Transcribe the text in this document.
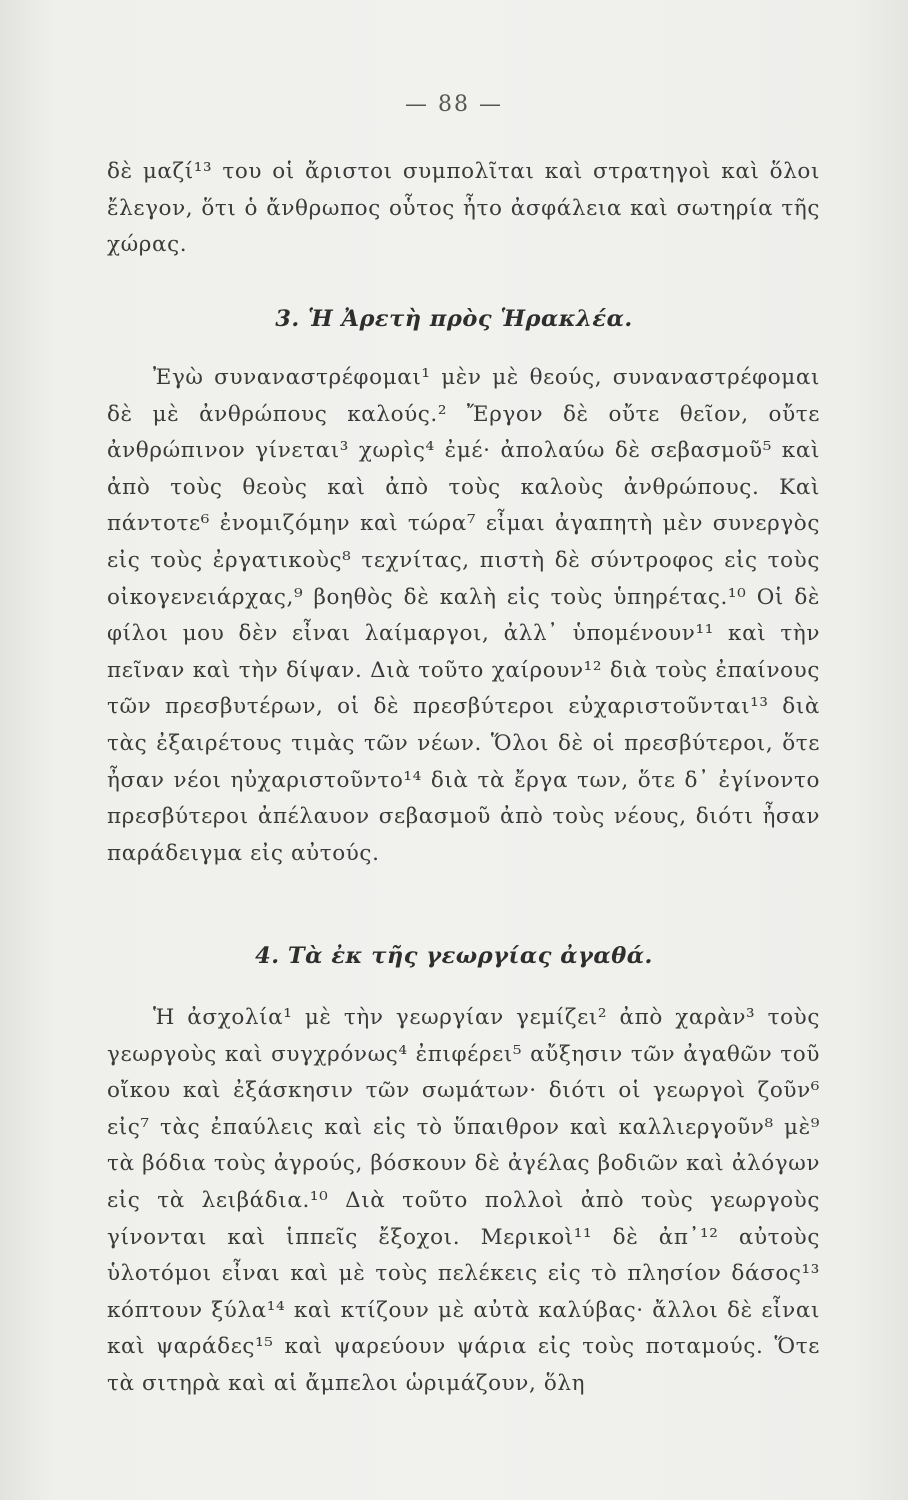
— 88 —

δὲ μαζί¹³ του οἱ ἄριστοι συμπολῖται καὶ στρατηγοὶ καὶ ὅλοι ἔλεγον, ὅτι ὁ ἄνθρωπος οὗτος ἦτο ἀσφάλεια καὶ σωτηρία τῆς χώρας.

3. Ἡ Ἀρετὴ πρὸς Ἡρακλέα.

Ἐγὼ συναναστρέφομαι¹ μὲν μὲ θεούς, συναναστρέφομαι δὲ μὲ ἀνθρώπους καλούς.² Ἔργον δὲ οὔτε θεῖον, οὔτε ἀνθρώπινον γίνεται³ χωρὶς⁴ ἐμέ· ἀπολαύω δὲ σεβασμοῦ⁵ καὶ ἀπὸ τοὺς θεοὺς καὶ ἀπὸ τοὺς καλοὺς ἀνθρώπους. Καὶ πάντοτε⁶ ἐνομιζόμην καὶ τώρα⁷ εἶμαι ἀγαπητὴ μὲν συνεργὸς εἰς τοὺς ἐργατικοὺς⁸ τεχνίτας, πιστὴ δὲ σύντροφος εἰς τοὺς οἰκογενειάρχας,⁹ βοηθὸς δὲ καλὴ εἰς τοὺς ὑπηρέτας.¹⁰ Οἱ δὲ φίλοι μου δὲν εἶναι λαίμαργοι, ἀλλ᾽ ὑπομένουν¹¹ καὶ τὴν πεῖναν καὶ τὴν δίψαν. Διὰ τοῦτο χαίρουν¹² διὰ τοὺς ἐπαίνους τῶν πρεσβυτέρων, οἱ δὲ πρεσβύτεροι εὐχαριστοῦνται¹³ διὰ τὰς ἐξαιρέτους τιμὰς τῶν νέων. Ὅλοι δὲ οἱ πρεσβύτεροι, ὅτε ἦσαν νέοι ηὐχαριστοῦντο¹⁴ διὰ τὰ ἔργα των, ὅτε δ᾽ ἐγίνοντο πρεσβύτεροι ἀπέλαυον σεβασμοῦ ἀπὸ τοὺς νέους, διότι ἦσαν παράδειγμα εἰς αὐτούς.

4. Τὰ ἐκ τῆς γεωργίας ἀγαθά.

Ἡ ἀσχολία¹ μὲ τὴν γεωργίαν γεμίζει² ἀπὸ χαρὰν³ τοὺς γεωργοὺς καὶ συγχρόνως⁴ ἐπιφέρει⁵ αὔξησιν τῶν ἀγαθῶν τοῦ οἴκου καὶ ἐξάσκησιν τῶν σωμάτων· διότι οἱ γεωργοὶ ζοῦν⁶ εἰς⁷ τὰς ἐπαύλεις καὶ εἰς τὸ ὕπαιθρον καὶ καλλιεργοῦν⁸ μὲ⁹ τὰ βόδια τοὺς ἀγρούς, βόσκουν δὲ ἀγέλας βοδιῶν καὶ ἀλόγων εἰς τὰ λειβάδια.¹⁰ Διὰ τοῦτο πολλοὶ ἀπὸ τοὺς γεωργοὺς γίνονται καὶ ἱππεῖς ἔξοχοι. Μερικοὶ¹¹ δὲ ἀπ᾽¹² αὐτοὺς ὑλοτόμοι εἶναι καὶ μὲ τοὺς πελέκεις εἰς τὸ πλησίον δάσος¹³ κόπτουν ξύλα¹⁴ καὶ κτίζουν μὲ αὐτὰ καλύβας· ἄλλοι δὲ εἶναι καὶ ψαράδες¹⁵ καὶ ψαρεύουν ψάρια εἰς τοὺς ποταμούς. Ὅτε τὰ σιτηρὰ καὶ αἱ ἄμπελοι ὡριμάζουν, ὅλη
